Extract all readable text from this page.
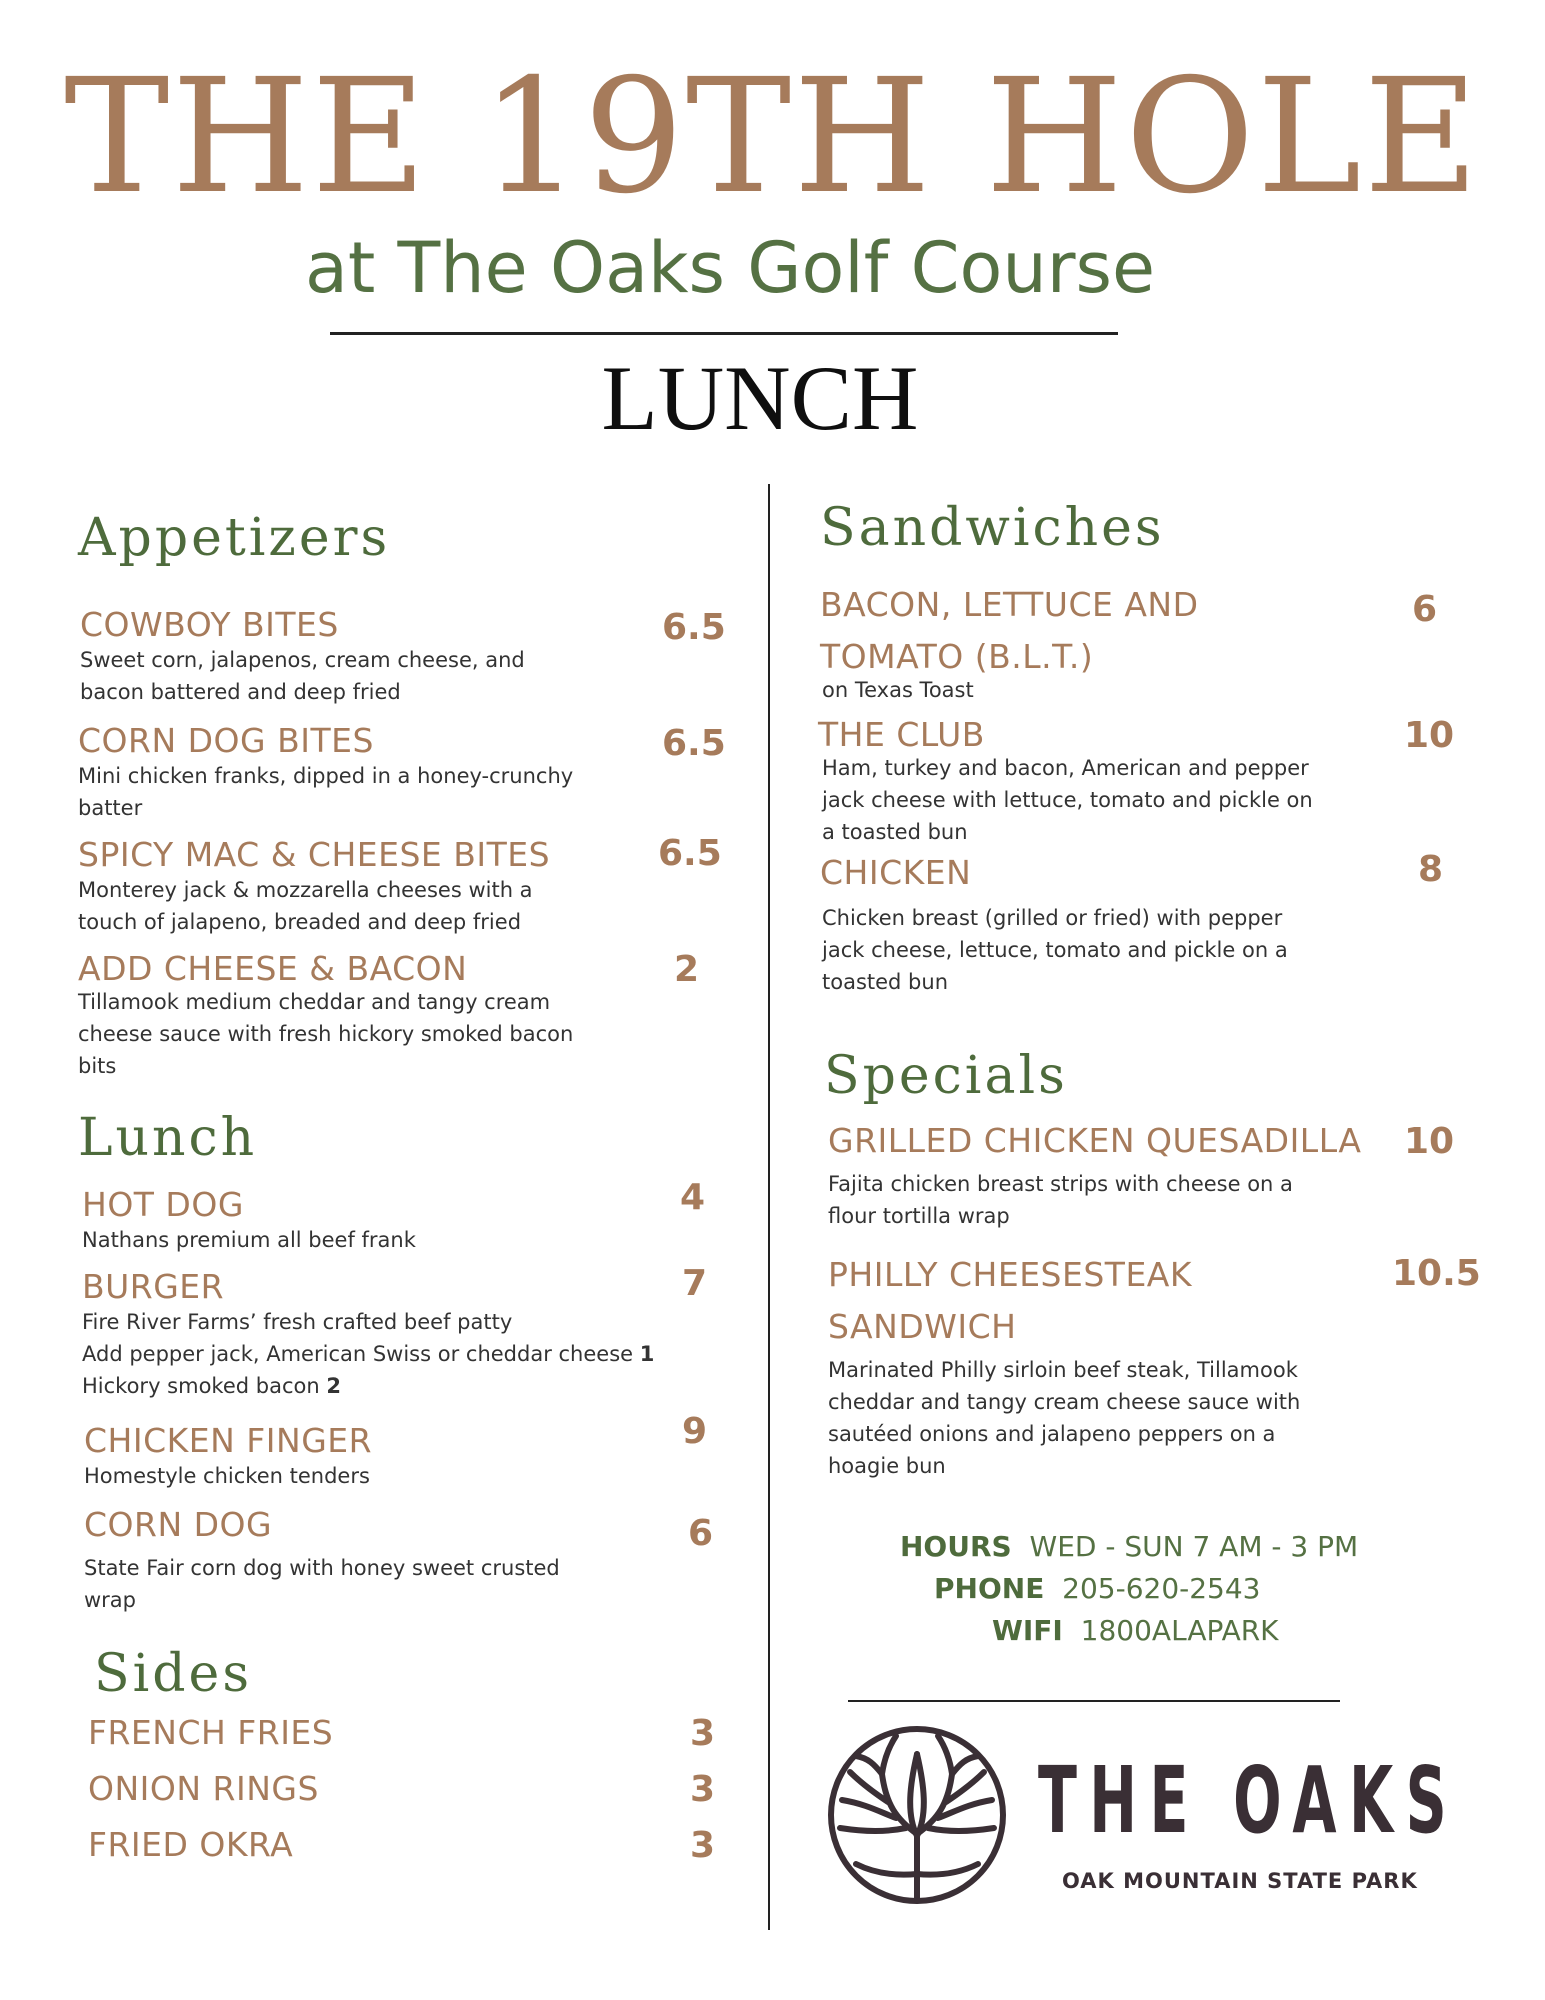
THE 19TH HOLE
at The Oaks Golf Course
LUNCH
Appetizers
COWBOY BITES	6.5
Sweet corn, jalapenos, cream cheese, and
bacon battered and deep fried
CORN DOG BITES	6.5
Mini chicken franks, dipped in a honey-crunchy
batter
SPICY MAC & CHEESE BITES	6.5
Monterey jack & mozzarella cheeses with a
touch of jalapeno, breaded and deep fried
ADD CHEESE & BACON	2
Tillamook medium cheddar and tangy cream
cheese sauce with fresh hickory smoked bacon
bits
Lunch
HOT DOG	4
Nathans premium all beef frank
BURGER	7
Fire River Farms’ fresh crafted beef patty
Add pepper jack, American Swiss or cheddar cheese 1
Hickory smoked bacon 2
CHICKEN FINGER	9
Homestyle chicken tenders
CORN DOG	6
State Fair corn dog with honey sweet crusted
wrap
Sides
FRENCH FRIES	3
ONION RINGS	3
FRIED OKRA	3
Sandwiches
BACON, LETTUCE AND
TOMATO (B.L.T.)
6
on Texas Toast
THE CLUB	10
Ham, turkey and bacon, American and pepper
jack cheese with lettuce, tomato and pickle on
a toasted bun
CHICKEN	8
Chicken breast (grilled or fried) with pepper
jack cheese, lettuce, tomato and pickle on a
toasted bun
Specials
GRILLED CHICKEN QUESADILLA 10
Fajita chicken breast strips with cheese on a
flour tortilla wrap
PHILLY CHEESESTEAK
SANDWICH
10.5
Marinated Philly sirloin beef steak, Tillamook
cheddar and tangy cream cheese sauce with
sautéed onions and jalapeno peppers on a
hoagie bun
HOURS WED - SUN 7 AM - 3 PM
PHONE 205-620-2543
WIFI 1800ALAPARK
THE OAKS
OAK MOUNTAIN STATE PARK
